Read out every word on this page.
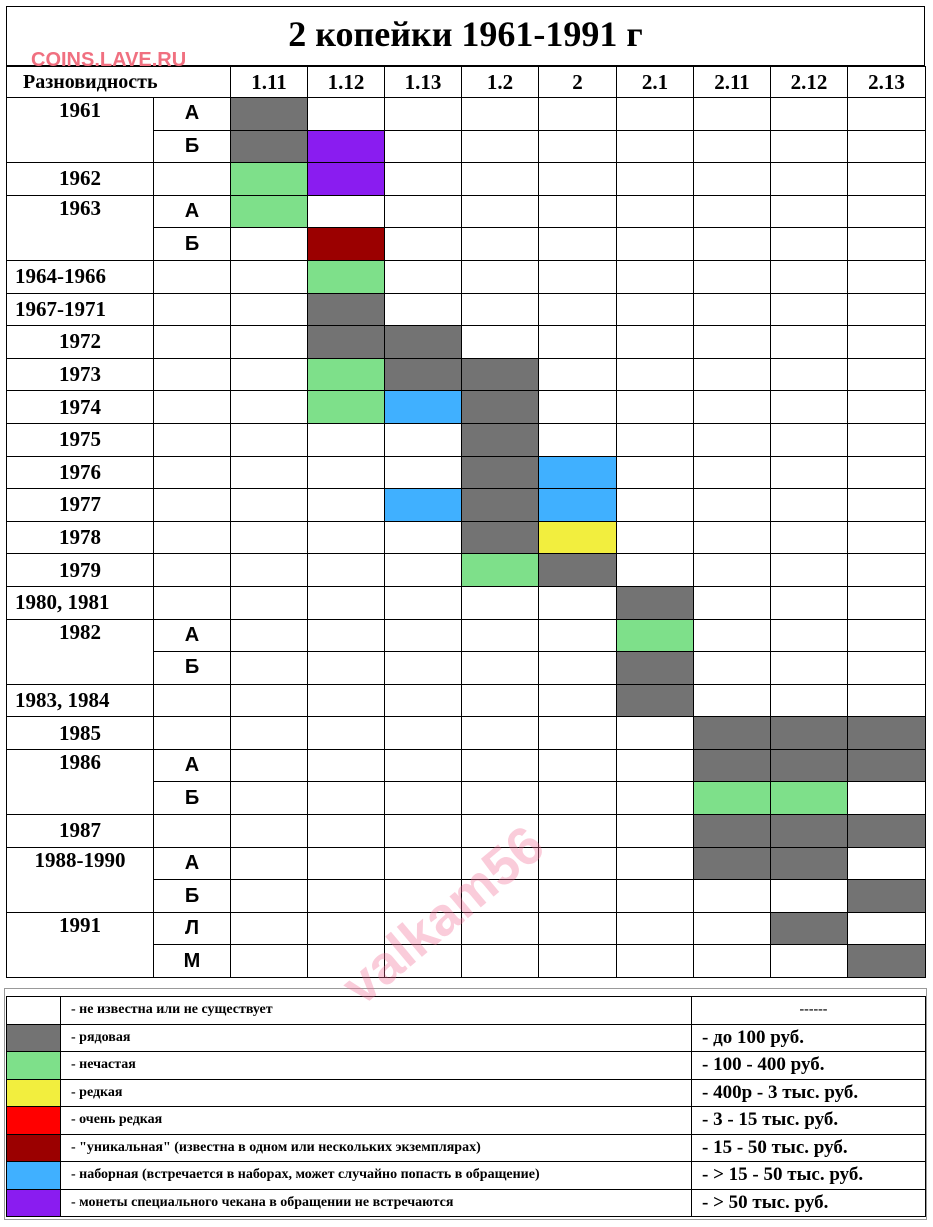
2 копейки 1961-1991 г
COINS.LAVE.RU
Разновидность		1.11	1.12	1.13	1.2	2	2.1	2.11	2.12	2.13
1961	А									
	Б									
1962										
1963	А									
	Б									
1964-1966										
1967-1971										
1972										
1973										
1974										
1975										
1976										
1977										
1978										
1979										
1980, 1981										
1982	А									
	Б									
1983, 1984										
1985										
1986	А									
	Б									
1987										
1988-1990	А									
	Б									
1991	Л									
	М									
	- не известна или не существует	------
	- рядовая	- до 100 руб.
	- нечастая	- 100 - 400 руб.
	- редкая	- 400р - 3 тыс. руб.
	- очень редкая	- 3 - 15 тыс. руб.
	- "уникальная" (известна в одном или нескольких экземплярах)	- 15 - 50 тыс. руб.
	- наборная (встречается в наборах, может случайно попасть в обращение)	- > 15 - 50 тыс. руб.
	- монеты специального чекана в обращении не встречаются	- > 50 тыс. руб.
valkam56
